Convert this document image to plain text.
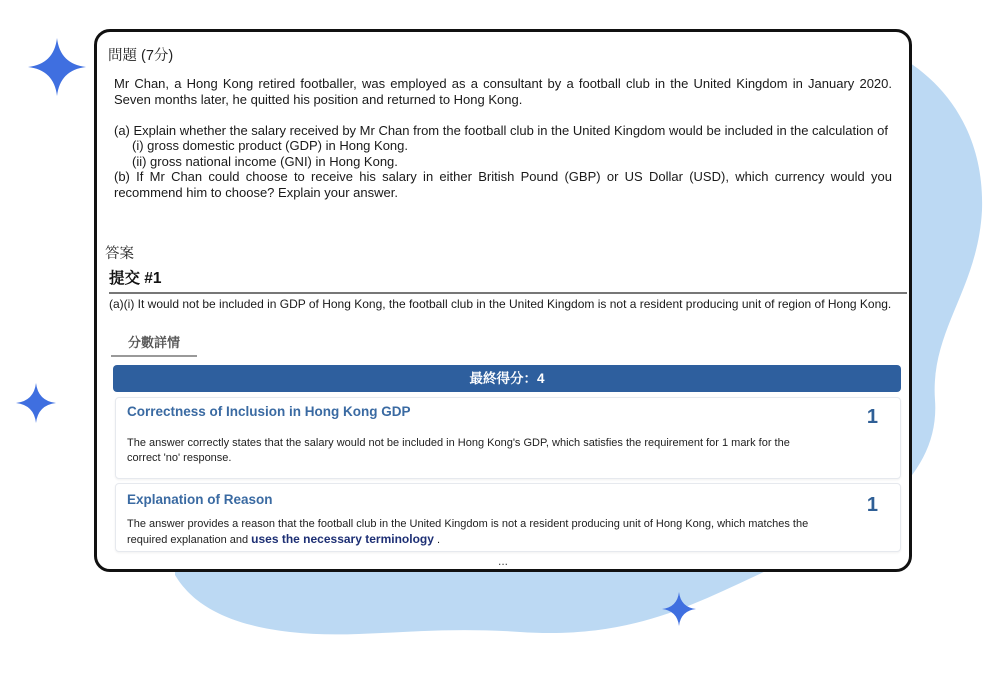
問題 (7分)

Mr Chan, a Hong Kong retired footballer, was employed as a consultant by a football club in the United Kingdom in January 2020. Seven months later, he quitted his position and returned to Hong Kong.

(a) Explain whether the salary received by Mr Chan from the football club in the United Kingdom would be included in the calculation of

(i) gross domestic product (GDP) in Hong Kong.

(ii) gross national income (GNI) in Hong Kong.

(b) If Mr Chan could choose to receive his salary in either British Pound (GBP) or US Dollar (USD), which currency would you recommend him to choose? Explain your answer.

答案
提交 #1
(a)(i) It would not be included in GDP of Hong Kong, the football club in the United Kingdom is not a resident producing unit of region of Hong Kong.
分數詳情
最終得分：4
Correctness of Inclusion in Hong Kong GDP	1
The answer correctly states that the salary would not be included in Hong Kong's GDP, which satisfies the requirement for 1 mark for the correct 'no' response.
Explanation of Reason	1
The answer provides a reason that the football club in the United Kingdom is not a resident producing unit of Hong Kong, which matches the required explanation and uses the necessary terminology .
...
